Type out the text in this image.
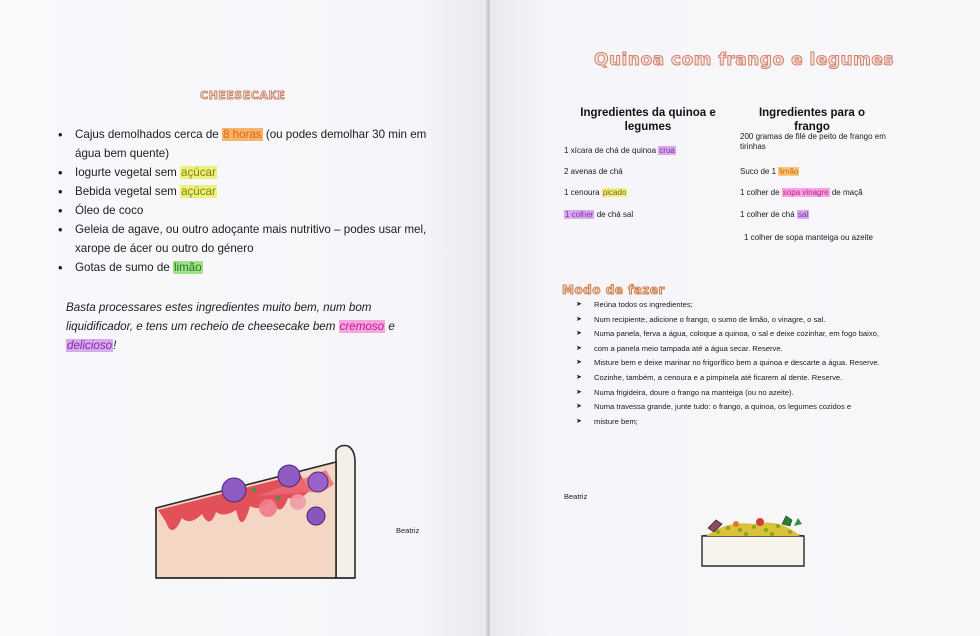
CHEESECAKE
• Cajus demolhados cerca de 8 horas (ou podes demolhar 30 min em água bem quente)
• Iogurte vegetal sem açúcar
• Bebida vegetal sem açúcar
• Óleo de coco
• Geleia de agave, ou outro adoçante mais nutritivo – podes usar mel, xarope de ácer ou outro do género
• Gotas de sumo de limão
Basta processares estes ingredientes muito bem, num bom liquidificador, e tens um recheio de cheesecake bem cremoso e delicioso!
Beatriz
Quinoa com frango e legumes
Ingredientes da quinoa e legumes
Ingredientes para o frango
1 xícara de chá de quinoa crua
2 avenas de chá
1 cenoura picado
1 colher de chá sal
200 gramas de filé de peito de frango em tirinhas
Suco de 1 limão
1 colher de sopa vinagre de maçã
1 colher de chá sal
1 colher de sopa manteiga ou azeite
Modo de fazer
➤ Reúna todos os ingredientes;
➤ Num recipiente, adicione o frango, o sumo de limão, o vinagre, o sal.
➤ Numa panela, ferva a água, coloque a quinoa, o sal e deixe cozinhar, em fogo baixo,
➤ com a panela meio tampada até a água secar. Reserve.
➤ Misture bem e deixe marinar no frigorífico bem a quinoa e descarte a água. Reserve.
➤ Cozinhe, também, a cenoura e a pimpinela até ficarem al dente. Reserve.
➤ Numa frigideira, doure o frango na manteiga (ou no azeite).
➤ Numa travessa grande, junte tudo: o frango, a quinoa, os legumes cozidos e
➤ misture bem;
Beatriz
